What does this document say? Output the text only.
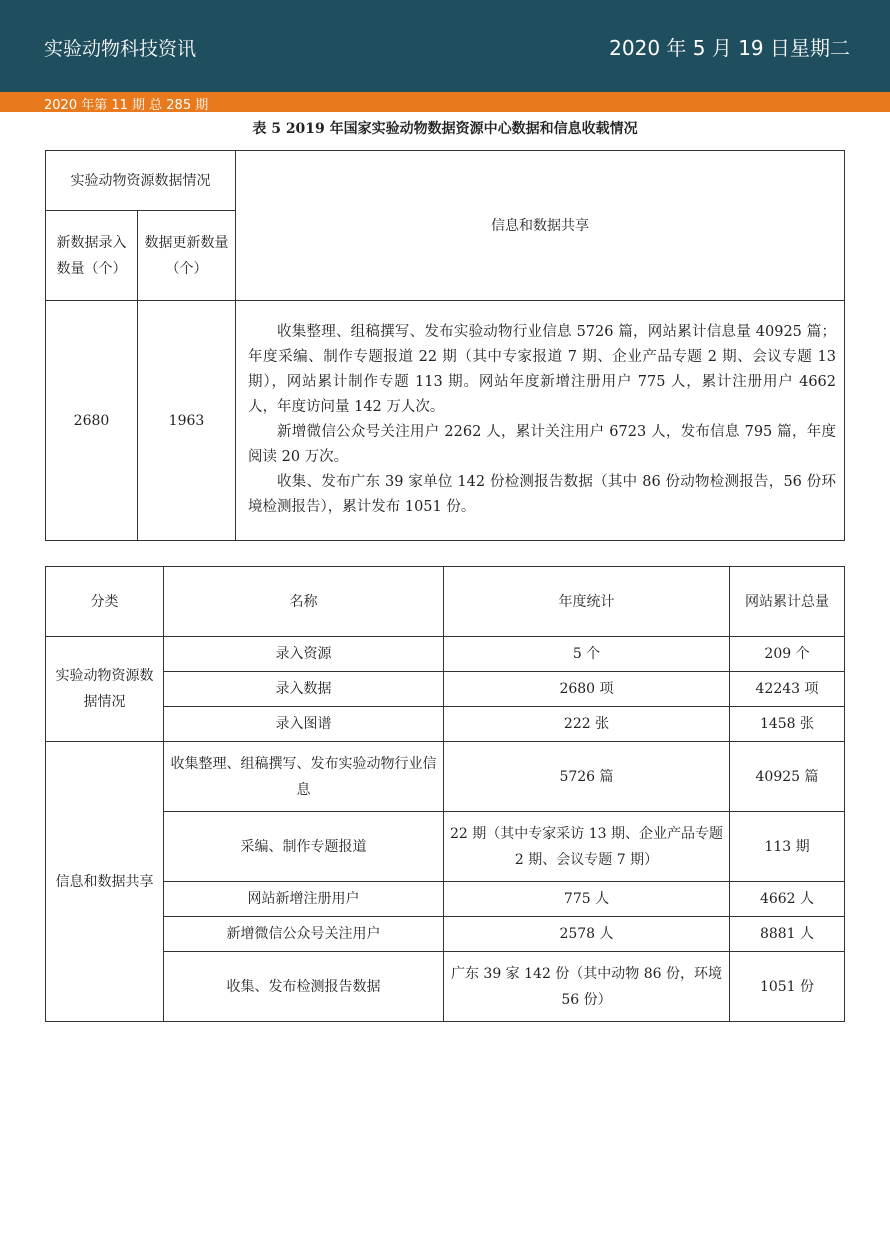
实验动物科技资讯	2020 年 5 月 19 日星期二
2020 年第 11 期 总 285 期
表 5 2019 年国家实验动物数据资源中心数据和信息收载情况
实验动物资源数据情况		信息和数据共享
新数据录入数量（个）	数据更新数量（个）	
2680	1963	收集整理、组稿撰写、发布实验动物行业信息 5726 篇，网站累计信息量 40925 篇；年度采编、制作专题报道 22 期（其中专家报道 7 期、企业产品专题 2 期、会议专题 13 期），网站累计制作专题 113 期。网站年度新增注册用户 775 人，累计注册用户 4662 人，年度访问量 142 万人次。

新增微信公众号关注用户 2262 人，累计关注用户 6723 人，发布信息 795 篇，年度阅读 20 万次。

收集、发布广东 39 家单位 142 份检测报告数据（其中 86 份动物检测报告，56 份环境检测报告），累计发布 1051 份。

分类	名称	年度统计	网站累计总量
实验动物资源数据情况	录入资源	5 个	209 个
	录入数据	2680 项	42243 项
	录入图谱	222 张	1458 张
信息和数据共享	收集整理、组稿撰写、发布实验动物行业信息	5726 篇	40925 篇
	采编、制作专题报道	22 期（其中专家采访 13 期、企业产品专题 2 期、会议专题 7 期）	113 期
	网站新增注册用户	775 人	4662 人
	新增微信公众号关注用户	2578 人	8881 人
	收集、发布检测报告数据	广东 39 家 142 份（其中动物 86 份，环境 56 份）	1051 份
